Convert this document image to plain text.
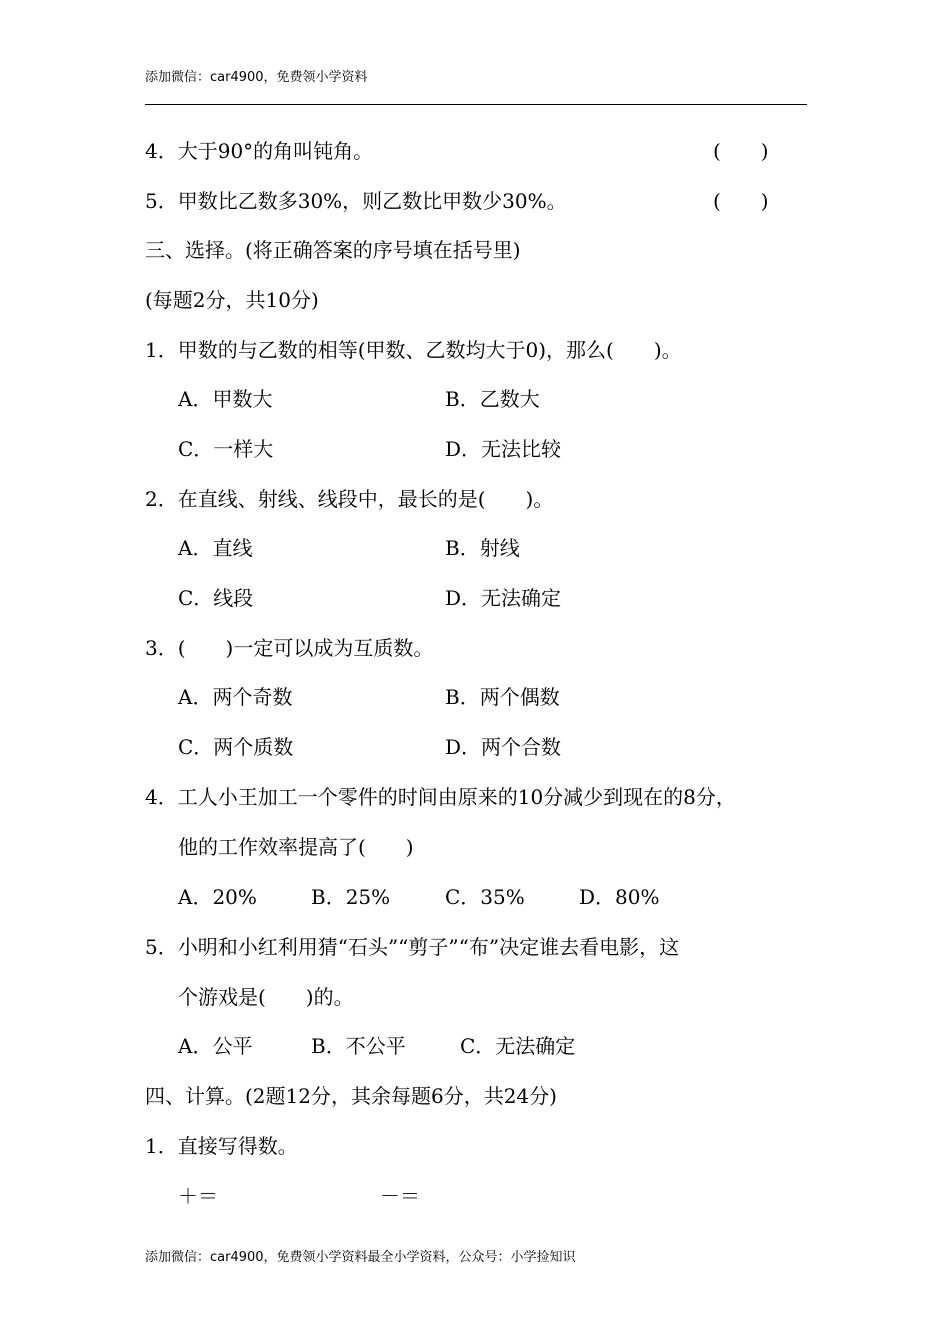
添加微信：car4900，免费领小学资料
4．大于90°的角叫钝角。	(　　)
5．甲数比乙数多30%，则乙数比甲数少30%。	(　　)
三、选择。(将正确答案的序号填在括号里)
(每题2分，共10分)
1．甲数的与乙数的相等(甲数、乙数均大于0)，那么(　　)。
A．甲数大	B．乙数大
C．一样大	D．无法比较
2．在直线、射线、线段中，最长的是(　　)。
A．直线	B．射线
C．线段	D．无法确定
3．(　　)一定可以成为互质数。
A．两个奇数	B．两个偶数
C．两个质数	D．两个合数
4．工人小王加工一个零件的时间由原来的10分减少到现在的8分，
他的工作效率提高了(　　)
A．20%	B．25%	C．35%	D．80%
5．小明和小红利用猜“石头”“剪子”“布”决定谁去看电影，这
个游戏是(　　)的。
A．公平	B．不公平	C．无法确定
四、计算。(2题12分，其余每题6分，共24分)
1．直接写得数。
＋＝	－＝
添加微信：car4900，免费领小学资料最全小学资料，公众号：小学捡知识
